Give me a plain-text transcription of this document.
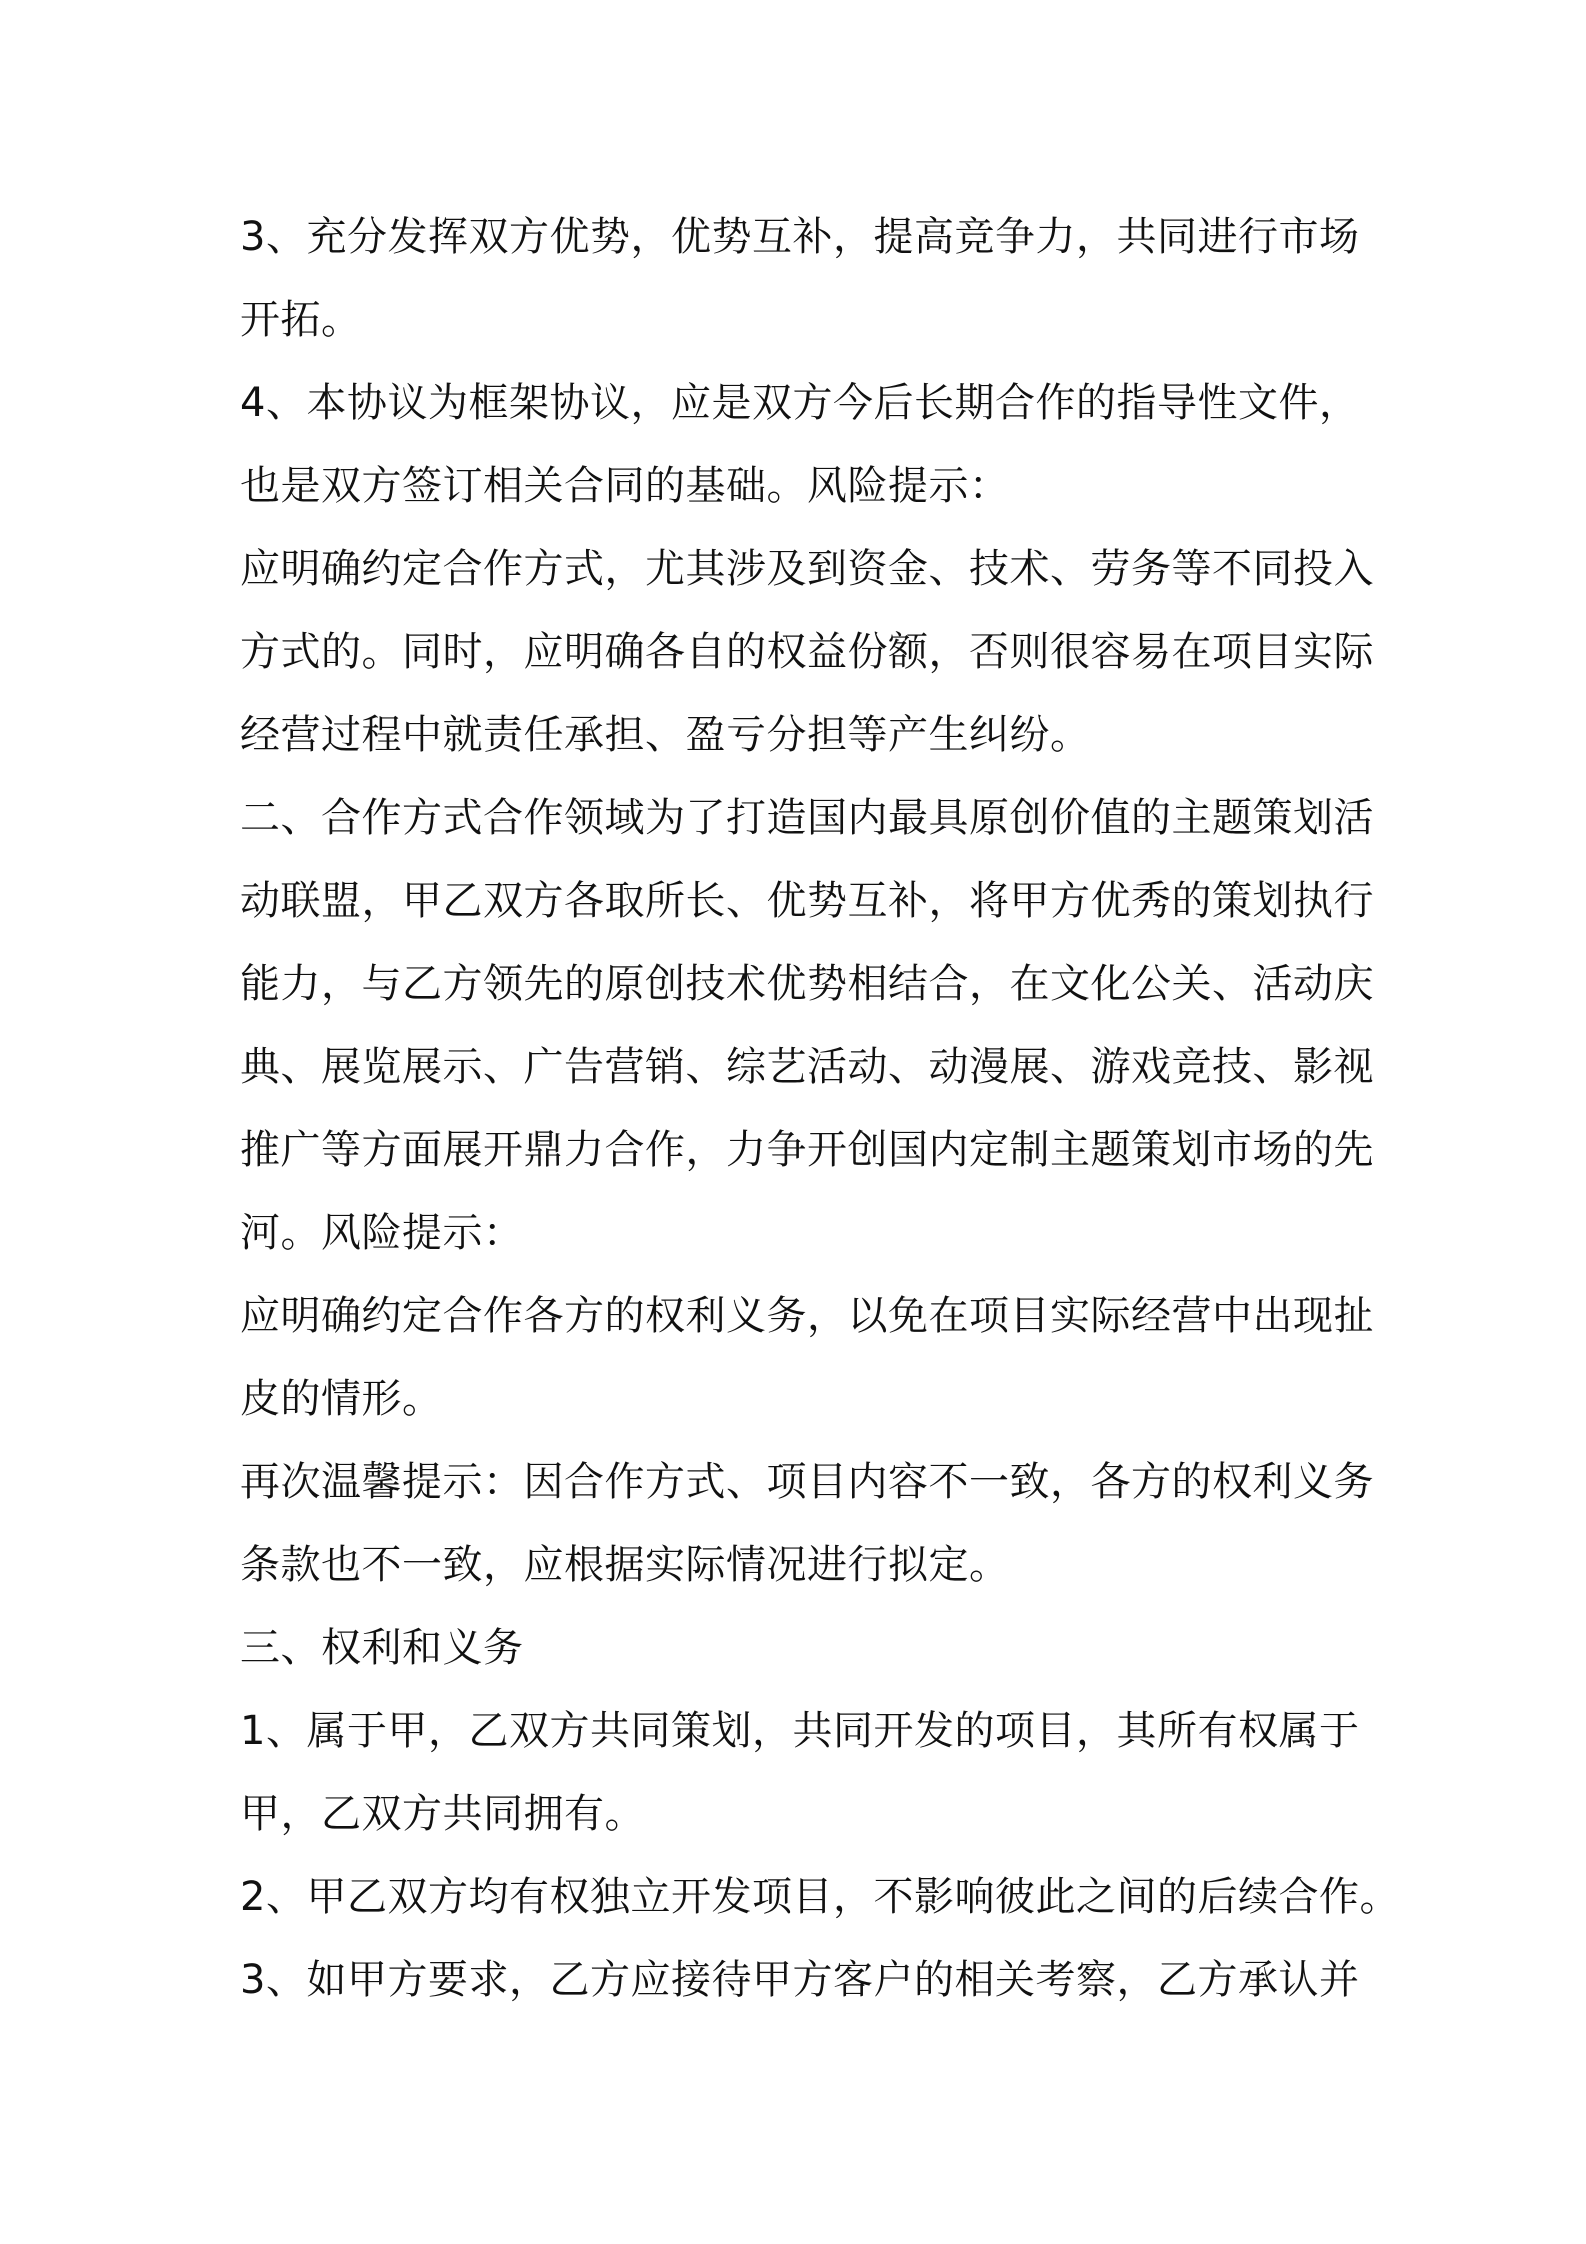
3、充分发挥双方优势，优势互补，提高竞争力，共同进行市场
开拓。
4、本协议为框架协议，应是双方今后长期合作的指导性文件，
也是双方签订相关合同的基础。风险提示：
应明确约定合作方式，尤其涉及到资金、技术、劳务等不同投入
方式的。同时，应明确各自的权益份额，否则很容易在项目实际
经营过程中就责任承担、盈亏分担等产生纠纷。
二、合作方式合作领域为了打造国内最具原创价值的主题策划活
动联盟，甲乙双方各取所长、优势互补，将甲方优秀的策划执行
能力，与乙方领先的原创技术优势相结合，在文化公关、活动庆
典、展览展示、广告营销、综艺活动、动漫展、游戏竞技、影视
推广等方面展开鼎力合作，力争开创国内定制主题策划市场的先
河。风险提示：
应明确约定合作各方的权利义务，以免在项目实际经营中出现扯
皮的情形。
再次温馨提示：因合作方式、项目内容不一致，各方的权利义务
条款也不一致，应根据实际情况进行拟定。
三、权利和义务
1、属于甲，乙双方共同策划，共同开发的项目，其所有权属于
甲，乙双方共同拥有。
2、甲乙双方均有权独立开发项目，不影响彼此之间的后续合作。
3、如甲方要求，乙方应接待甲方客户的相关考察，乙方承认并
